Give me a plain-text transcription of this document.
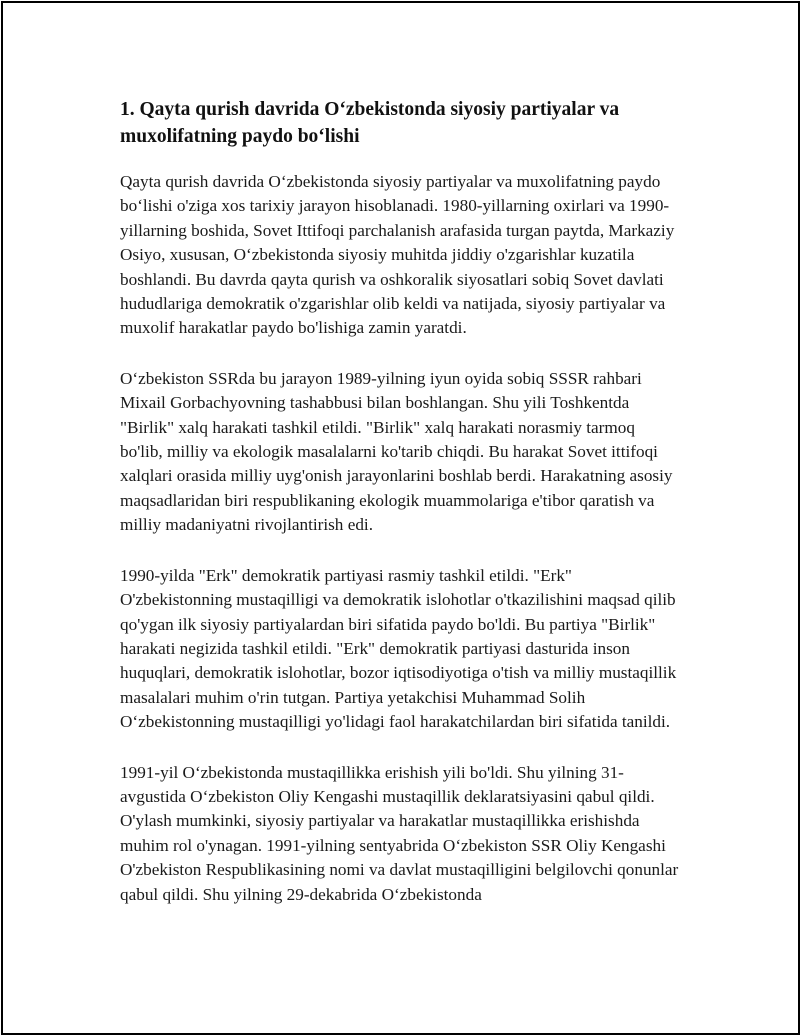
1. Qayta qurish davrida O‘zbekistonda siyosiy partiyalar va muxolifatning paydo bo‘lishi

Qayta qurish davrida O‘zbekistonda siyosiy partiyalar va muxolifatning paydo bo‘lishi o'ziga xos tarixiy jarayon hisoblanadi. 1980-yillarning oxirlari va 1990-yillarning boshida, Sovet Ittifoqi parchalanish arafasida turgan paytda, Markaziy Osiyo, xususan, O‘zbekistonda siyosiy muhitda jiddiy o'zgarishlar kuzatila boshlandi. Bu davrda qayta qurish va oshkoralik siyosatlari sobiq Sovet davlati hududlariga demokratik o'zgarishlar olib keldi va natijada, siyosiy partiyalar va muxolif harakatlar paydo bo'lishiga zamin yaratdi.

O‘zbekiston SSRda bu jarayon 1989-yilning iyun oyida sobiq SSSR rahbari Mixail Gorbachyovning tashabbusi bilan boshlangan. Shu yili Toshkentda "Birlik" xalq harakati tashkil etildi. "Birlik" xalq harakati norasmiy tarmoq bo'lib, milliy va ekologik masalalarni ko'tarib chiqdi. Bu harakat Sovet ittifoqi xalqlari orasida milliy uyg'onish jarayonlarini boshlab berdi. Harakatning asosiy maqsadlaridan biri respublikaning ekologik muammolariga e'tibor qaratish va milliy madaniyatni rivojlantirish edi.

1990-yilda "Erk" demokratik partiyasi rasmiy tashkil etildi. "Erk" O'zbekistonning mustaqilligi va demokratik islohotlar o'tkazilishini maqsad qilib qo'ygan ilk siyosiy partiyalardan biri sifatida paydo bo'ldi. Bu partiya "Birlik" harakati negizida tashkil etildi. "Erk" demokratik partiyasi dasturida inson huquqlari, demokratik islohotlar, bozor iqtisodiyotiga o'tish va milliy mustaqillik masalalari muhim o'rin tutgan. Partiya yetakchisi Muhammad Solih O‘zbekistonning mustaqilligi yo'lidagi faol harakatchilardan biri sifatida tanildi.

1991-yil O‘zbekistonda mustaqillikka erishish yili bo'ldi. Shu yilning 31-avgustida O‘zbekiston Oliy Kengashi mustaqillik deklaratsiyasini qabul qildi. O'ylash mumkinki, siyosiy partiyalar va harakatlar mustaqillikka erishishda muhim rol o'ynagan. 1991-yilning sentyabrida O‘zbekiston SSR Oliy Kengashi O'zbekiston Respublikasining nomi va davlat mustaqilligini belgilovchi qonunlar qabul qildi. Shu yilning 29-dekabrida O‘zbekistonda
